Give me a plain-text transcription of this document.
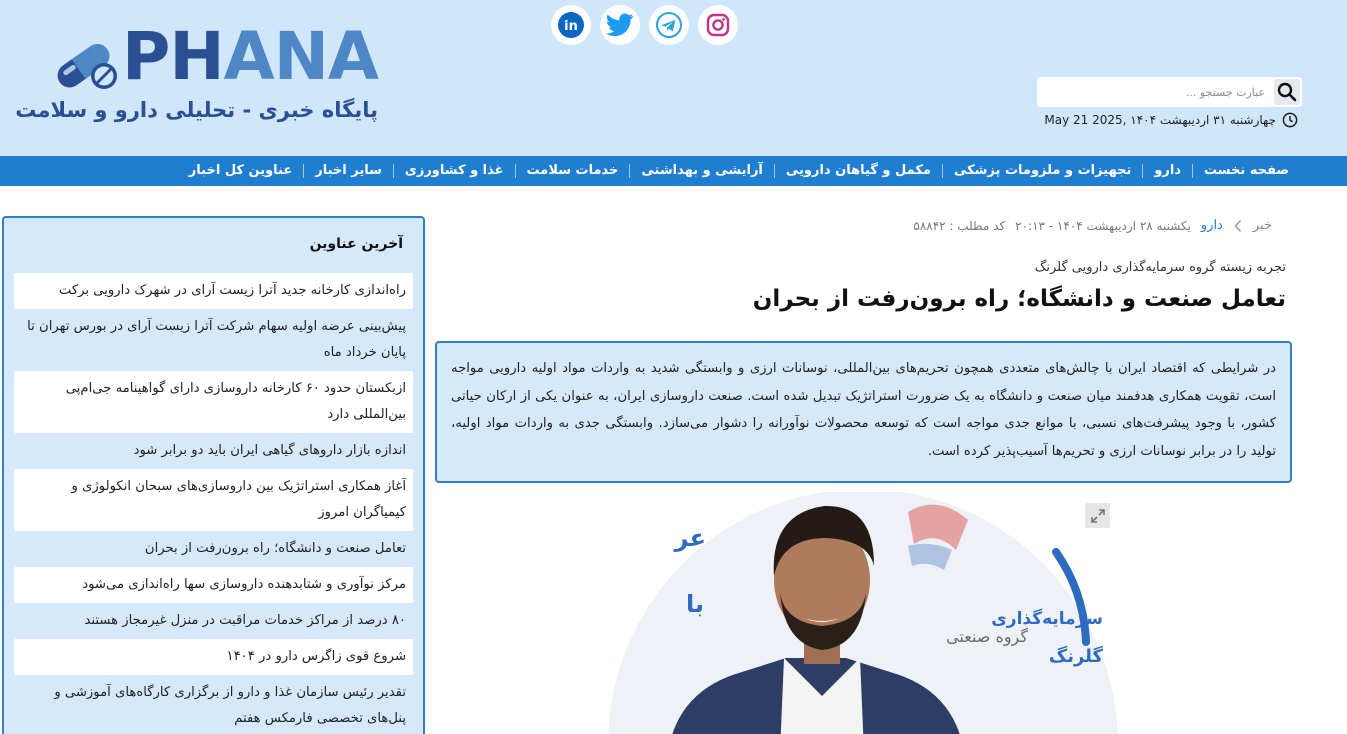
PHANA
پایگاه خبری - تحلیلی دارو و سلامت
in
عبارت جستجو ...
چهارشنبه ۳۱ اردیبهشت ۱۴۰۴ ,2025 May 21
صفحه نخست
دارو
تجهیزات و ملزومات پزشکی
مکمل و گیاهان دارویی
آرایشی و بهداشتی
خدمات سلامت
غذا و کشاورزی
سایر اخبار
عناوین کل اخبار
خبر
دارو
یکشنبه ۲۸ اردیبهشت ۱۴۰۴ - ۲۰:۱۳
کد مطلب : ۵۸۸۴۲
تجربه زیسته گروه سرمایه‌گذاری دارویی گلرنگ
تعامل صنعت و دانشگاه؛ راه برون‌رفت از بحران
در شرایطی که اقتصاد ایران با چالش‌های متعددی همچون تحریم‌های بین‌المللی، نوسانات ارزی و وابستگی شدید به واردات مواد اولیه دارویی مواجه است، تقویت همکاری هدفمند میان صنعت و دانشگاه به یک ضرورت استراتژیک تبدیل شده است. صنعت داروسازی ایران، به عنوان یکی از ارکان حیاتی کشور، با وجود پیشرفت‌های نسبی، با موانع جدی مواجه است که توسعه محصولات نوآورانه را دشوار می‌سازد. وابستگی جدی به واردات مواد اولیه، تولید را در برابر نوسانات ارزی و تحریم‌ها آسیب‌پذیر کرده است.
سرمایه‌گذاری
گلرنگ
گروه صنعتی
عر
با
آخرین عناوین
راه‌اندازی کارخانه جدید آترا زیست آرای در شهرک دارویی برکت
پیش‌بینی عرضه اولیه سهام شرکت آترا زیست آرای در بورس تهران تا پایان خرداد ماه
ازبکستان حدود ۶۰ کارخانه داروسازی دارای گواهینامه جی‌ام‌پی بین‌المللی دارد
اندازه بازار داروهای گیاهی ایران باید دو برابر شود
آغاز همکاری استراتژیک بین داروسازی‌های سبحان انکولوژی و کیمیاگران امروز
تعامل صنعت و دانشگاه؛ راه برون‌رفت از بحران
مرکز نوآوری و شتابدهنده داروسازی سها راه‌اندازی می‌شود
۸۰ درصد از مراکز خدمات مراقبت در منزل غیرمجاز هستند
شروع قوی زاگرس دارو در ۱۴۰۴
تقدیر رئیس سازمان غذا و دارو از برگزاری کارگاه‌های آموزشی و پنل‌های تخصصی فارمکس هفتم
